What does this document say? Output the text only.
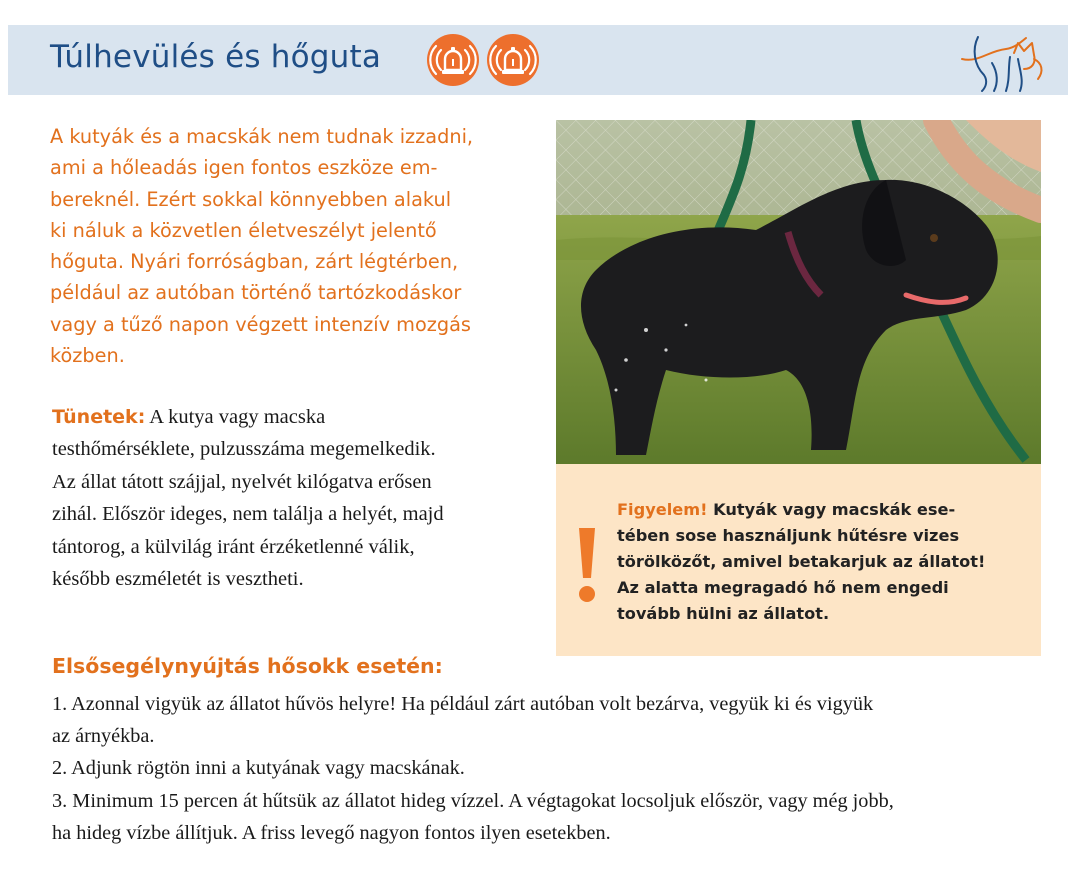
Túlhevülés és hőguta

A kutyák és a macskák nem tudnak izzadni,
ami a hőleadás igen fontos eszköze em-
bereknél. Ezért sokkal könnyebben alakul
ki náluk a közvetlen életveszélyt jelentő
hőguta. Nyári forróságban, zárt légtérben,
például az autóban történő tartózkodáskor
vagy a tűző napon végzett intenzív mozgás
közben.

Tünetek: A kutya vagy macska
testhőmérséklete, pulzusszáma megemelkedik.
Az állat tátott szájjal, nyelvét kilógatva erősen
zihál. Először ideges, nem találja a helyét, majd
tántorog, a külvilág iránt érzéketlenné válik,
később eszméletét is vesztheti.

Figyelem! Kutyák vagy macskák ese-
tében sose használjunk hűtésre vizes
törölközőt, amivel betakarjuk az állatot!
Az alatta megragadó hő nem engedi
tovább hülni az állatot.

Elsősegélynyújtás hősokk esetén:
1. Azonnal vigyük az állatot hűvös helyre! Ha például zárt autóban volt bezárva, vegyük ki és vigyük
az árnyékba.
2. Adjunk rögtön inni a kutyának vagy macskának.
3. Minimum 15 percen át hűtsük az állatot hideg vízzel. A végtagokat locsoljuk először, vagy még jobb,
ha hideg vízbe állítjuk. A friss levegő nagyon fontos ilyen esetekben.
